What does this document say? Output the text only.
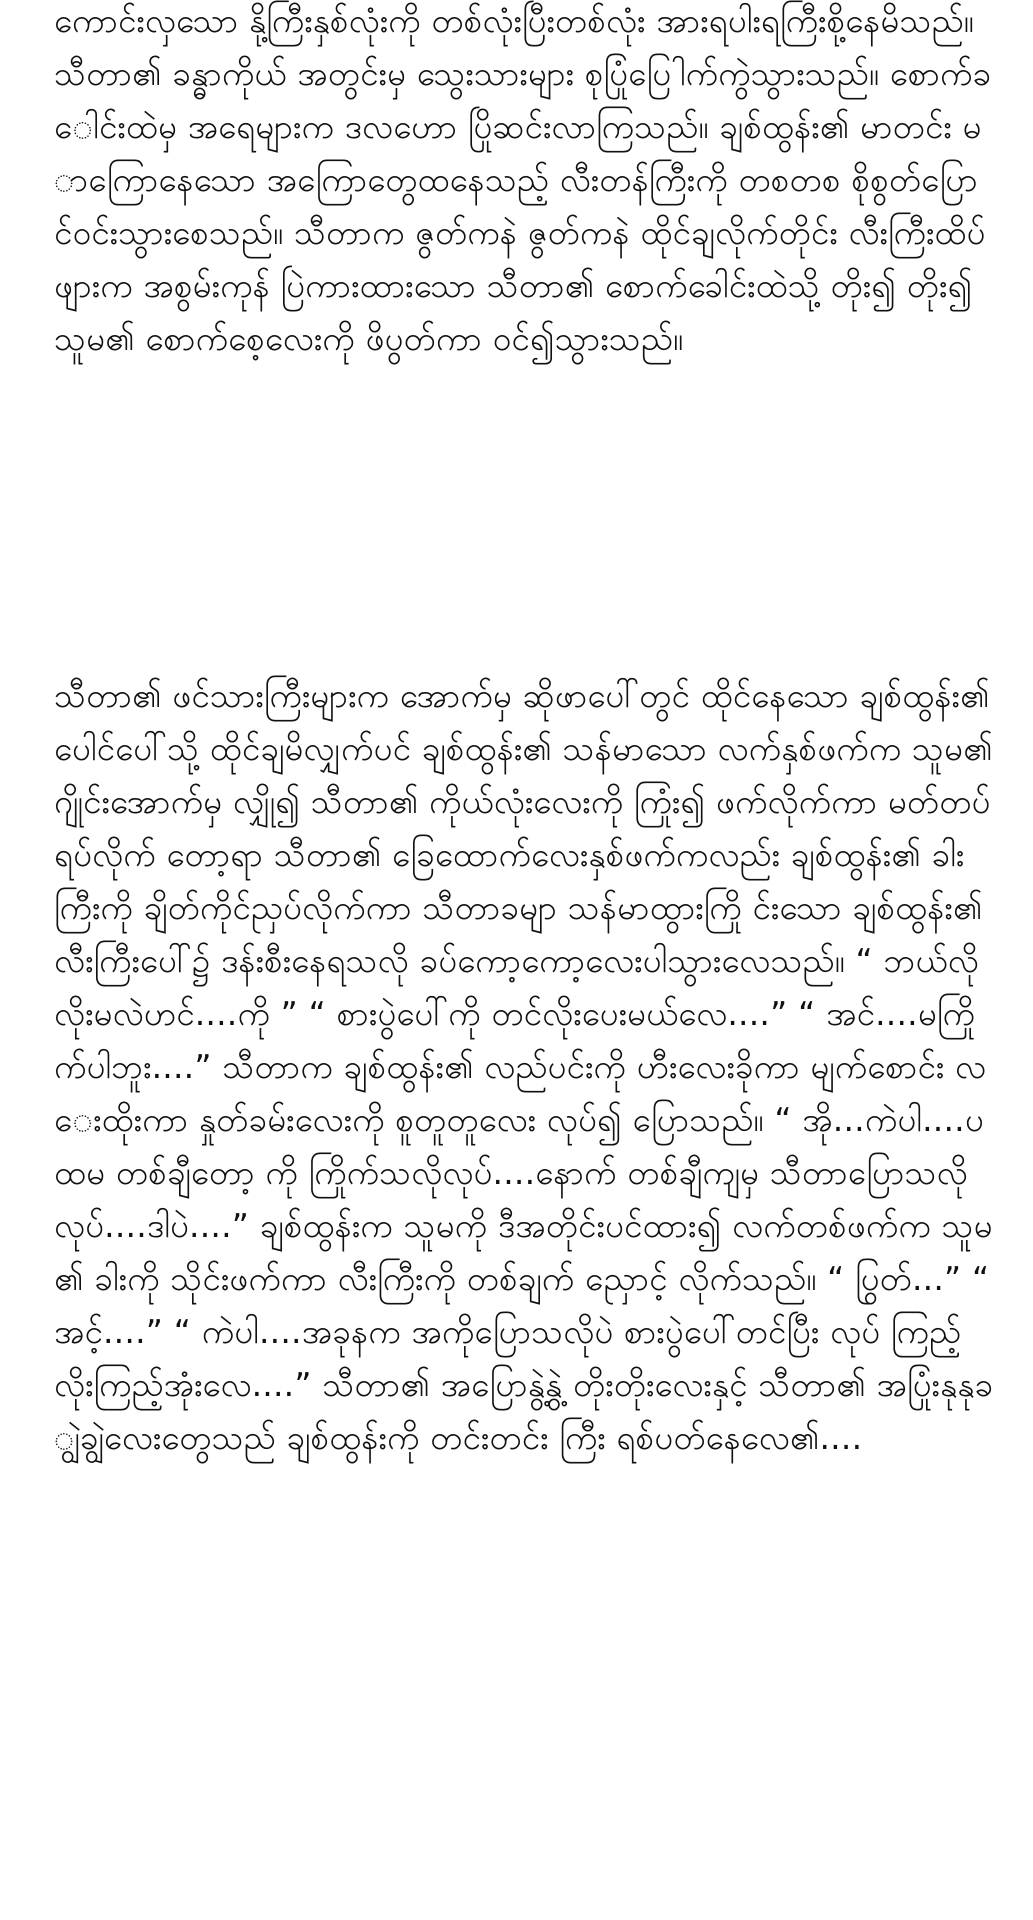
ကောင်းလှသော နို့ကြီးနှစ်လုံးကို တစ်လုံးပြီးတစ်လုံး အားရပါးရကြီးစို့နေမိသည်။ သီတာ၏ ခန္ဓာကိုယ် အတွင်းမှ သွေးသားများ စုပြုံပြေါက်ကွဲသွားသည်။ စောက်ခေါင်းထဲမှ အရေများက ဒလဟော ပြိုဆင်းလာကြသည်။ ချစ်ထွန်း၏ မာတင်း မာကြောနေသော အကြောတွေထနေသည့် လီးတန်ကြီးကို တစတစ စိုစွတ်ပြောင်ဝင်းသွားစေသည်။ သီတာက ဇွတ်ကနဲ ဇွတ်ကနဲ ထိုင်ချလိုက်တိုင်း လီးကြီးထိပ်ဖျားက အစွမ်းကုန် ပြဲကားထားသော သီတာ၏ စောက်ခေါင်းထဲသို့ တိုး၍ တိုး၍ သူမ၏ စောက်စေ့လေးကို ဖိပွတ်ကာ ဝင်၍သွားသည်။

သီတာ၏ ဖင်သားကြီးများက အောက်မှ ဆိုဖာပေါ်တွင် ထိုင်နေသော ချစ်ထွန်း၏ ပေါင်ပေါ်သို့ ထိုင်ချမိလျှက်ပင် ချစ်ထွန်း၏ သန်မာသော လက်နှစ်ဖက်က သူမ၏ ဂျိုင်းအောက်မှ လျှို၍ သီတာ၏ ကိုယ်လုံးလေးကို ကြုံး၍ ဖက်လိုက်ကာ မတ်တပ်ရပ်လိုက် တော့ရာ သီတာ၏ ခြေထောက်လေးနှစ်ဖက်ကလည်း ချစ်ထွန်း၏ ခါးကြီးကို ချိတ်ကိုင်ညှပ်လိုက်ကာ သီတာခမျာ သန်မာထွားကြို င်းသော ချစ်ထွန်း၏ လီးကြီးပေါ်၌ ဒန်းစီးနေရသလို ခပ်ကော့ကော့လေးပါသွားလေသည်။ “ ဘယ်လို လိုးမလဲဟင်....ကို ” “ စားပွဲပေါ်ကို တင်လိုးပေးမယ်လေ....” “ အင်....မကြိုက်ပါဘူး....” သီတာက ချစ်ထွန်း၏ လည်ပင်းကို ဟီးလေးခိုကာ မျက်စောင်း လေးထိုးကာ နှုတ်ခမ်းလေးကို စူတူတူလေး လုပ်၍ ပြောသည်။ “ အို...ကဲပါ....ပထမ တစ်ချီတော့ ကို ကြိုက်သလိုလုပ်....နောက် တစ်ချီကျမှ သီတာပြောသလိုလုပ်....ဒါပဲ....” ချစ်ထွန်းက သူမကို ဒီအတိုင်းပင်ထား၍ လက်တစ်ဖက်က သူမ၏ ခါးကို သိုင်းဖက်ကာ လီးကြီးကို တစ်ချက် ညှောင့် လိုက်သည်။ “ ပြွတ်...” “ အင့်....” “ ကဲပါ....အခုနက အကိုပြောသလိုပဲ စားပွဲပေါ်တင်ပြီး လုပ် ကြည့် လိုးကြည့်အုံးလေ....” သီတာ၏ အပြောနွဲ့နွဲ့ တိုးတိုးလေးနှင့် သီတာ၏ အပြုံးနုနုချွဲချွဲလေးတွေသည် ချစ်ထွန်းကို တင်းတင်း ကြီး ရစ်ပတ်နေလေ၏....
